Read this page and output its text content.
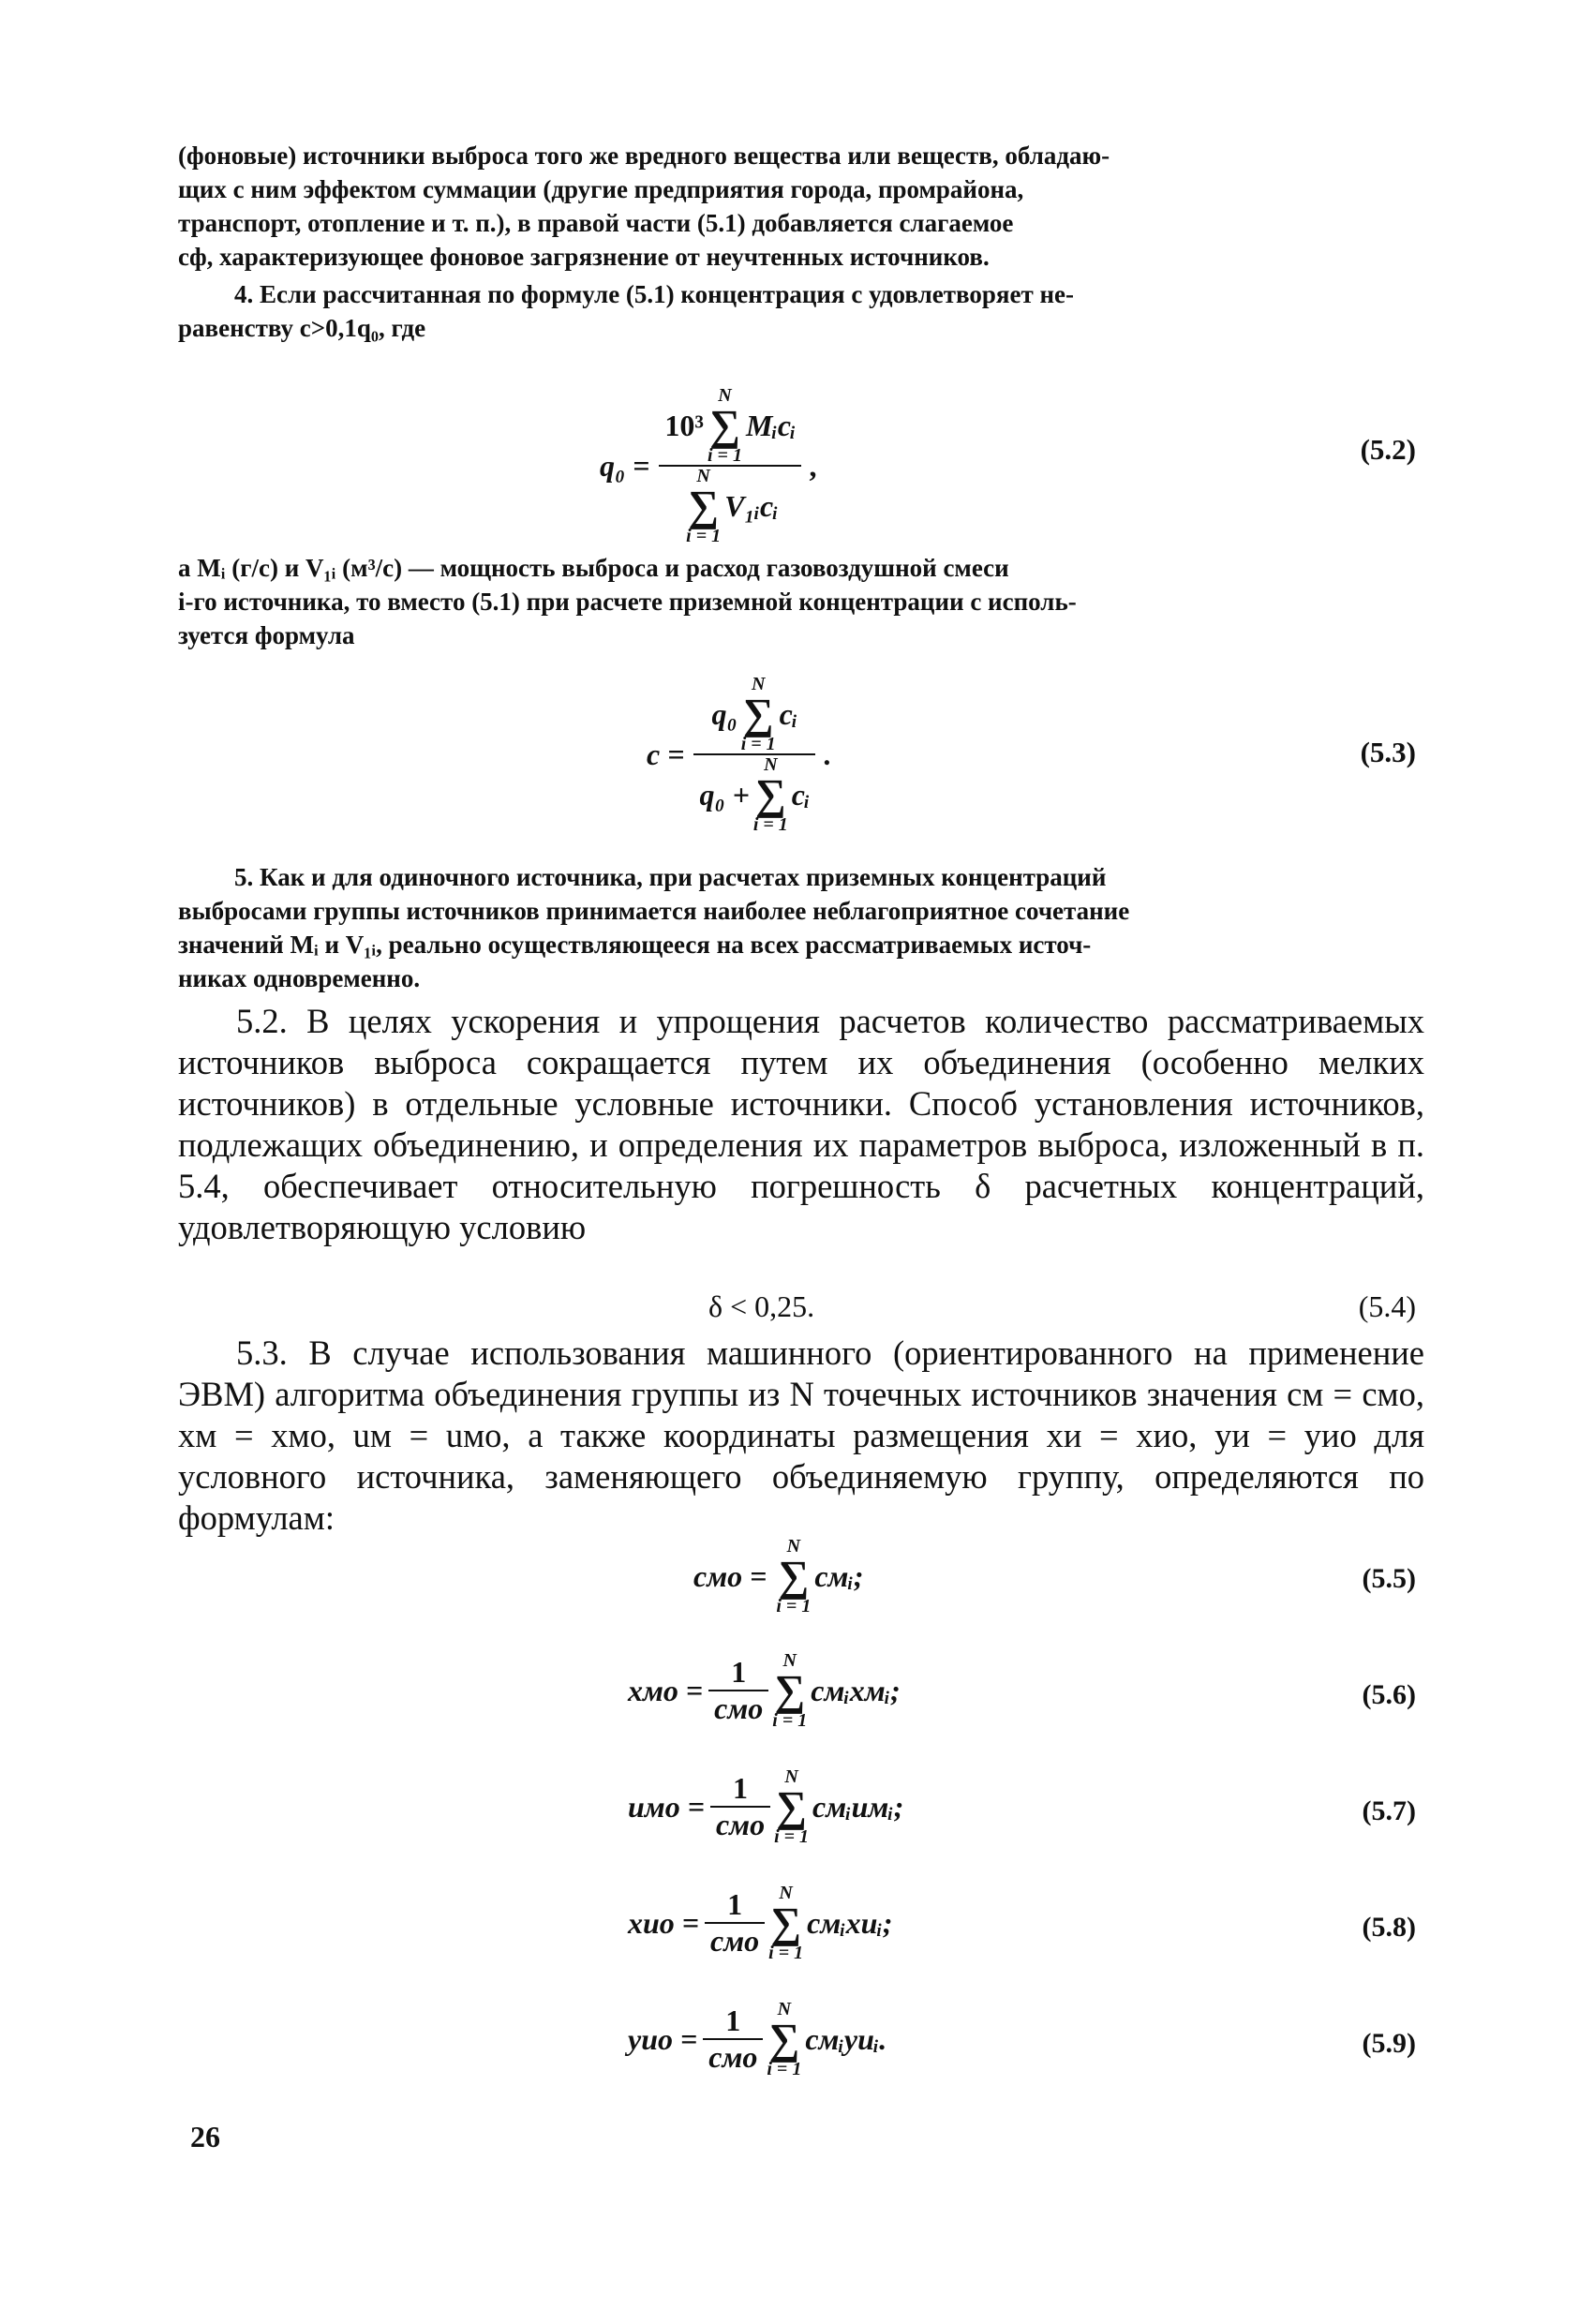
(фоновые) источники выброса того же вредного вещества или веществ, обладаю-

щих с ним эффектом суммации (другие предприятия города, промрайона,

транспорт, отопление и т. п.), в правой части (5.1) добавляется слагаемое

cф, характеризующее фоновое загрязнение от неучтенных источников.

4. Если рассчитанная по формуле (5.1) концентрация c удовлетворяет не-

равенству c>0,1q₀, где

q₀ =
10³
N
∑
i = 1
Mᵢcᵢ
N
∑
i = 1
V₁ᵢcᵢ
,	(5.2)

а Mᵢ (г/с) и V₁ᵢ (м³/с) — мощность выброса и расход газовоздушной смеси

i-го источника, то вместо (5.1) при расчете приземной концентрации c исполь-

зуется формула

c =
q₀
N
∑
i = 1
cᵢ
q₀ +
N
∑
i = 1
cᵢ
.	(5.3)

5. Как и для одиночного источника, при расчетах приземных концентраций

выбросами группы источников принимается наиболее неблагоприятное сочетание

значений Mᵢ и V₁ᵢ, реально осуществляющееся на всех рассматриваемых источ-

никах одновременно.

5.2. В целях ускорения и упрощения расчетов количество рассматриваемых источников выброса сокращается путем их объединения (особенно мелких источников) в отдельные условные источники. Способ установления источников, подлежащих объединению, и определения их параметров выброса, изложенный в п. 5.4, обеспечивает относительную погрешность δ расчетных концентраций, удовлетворяющую условию

δ < 0,25.	(5.4)

5.3. В случае использования машинного (ориентированного на применение ЭВМ) алгоритма объединения группы из N точечных источников значения cм = cмо, xм = xмо, uм = uмо, а также координаты размещения xи = xио, yи = yио для условного источника, заменяющего объединяемую группу, определяются по формулам:

cмо =
N
∑
i = 1
cмᵢ;	(5.5)
xмо = $\frac{1}{\text{cмо}}$ N
∑
i = 1
cмᵢxмᵢ;	(5.6)
uмо = $\frac{1}{\text{cмо}}$ N
∑
i = 1
cмᵢuмᵢ;	(5.7)
xио = $\frac{1}{\text{cмо}}$ N
∑
i = 1
cмᵢxиᵢ;	(5.8)
yио = $\frac{1}{\text{cмо}}$ N
∑
i = 1
cмᵢyиᵢ.	(5.9)
26
